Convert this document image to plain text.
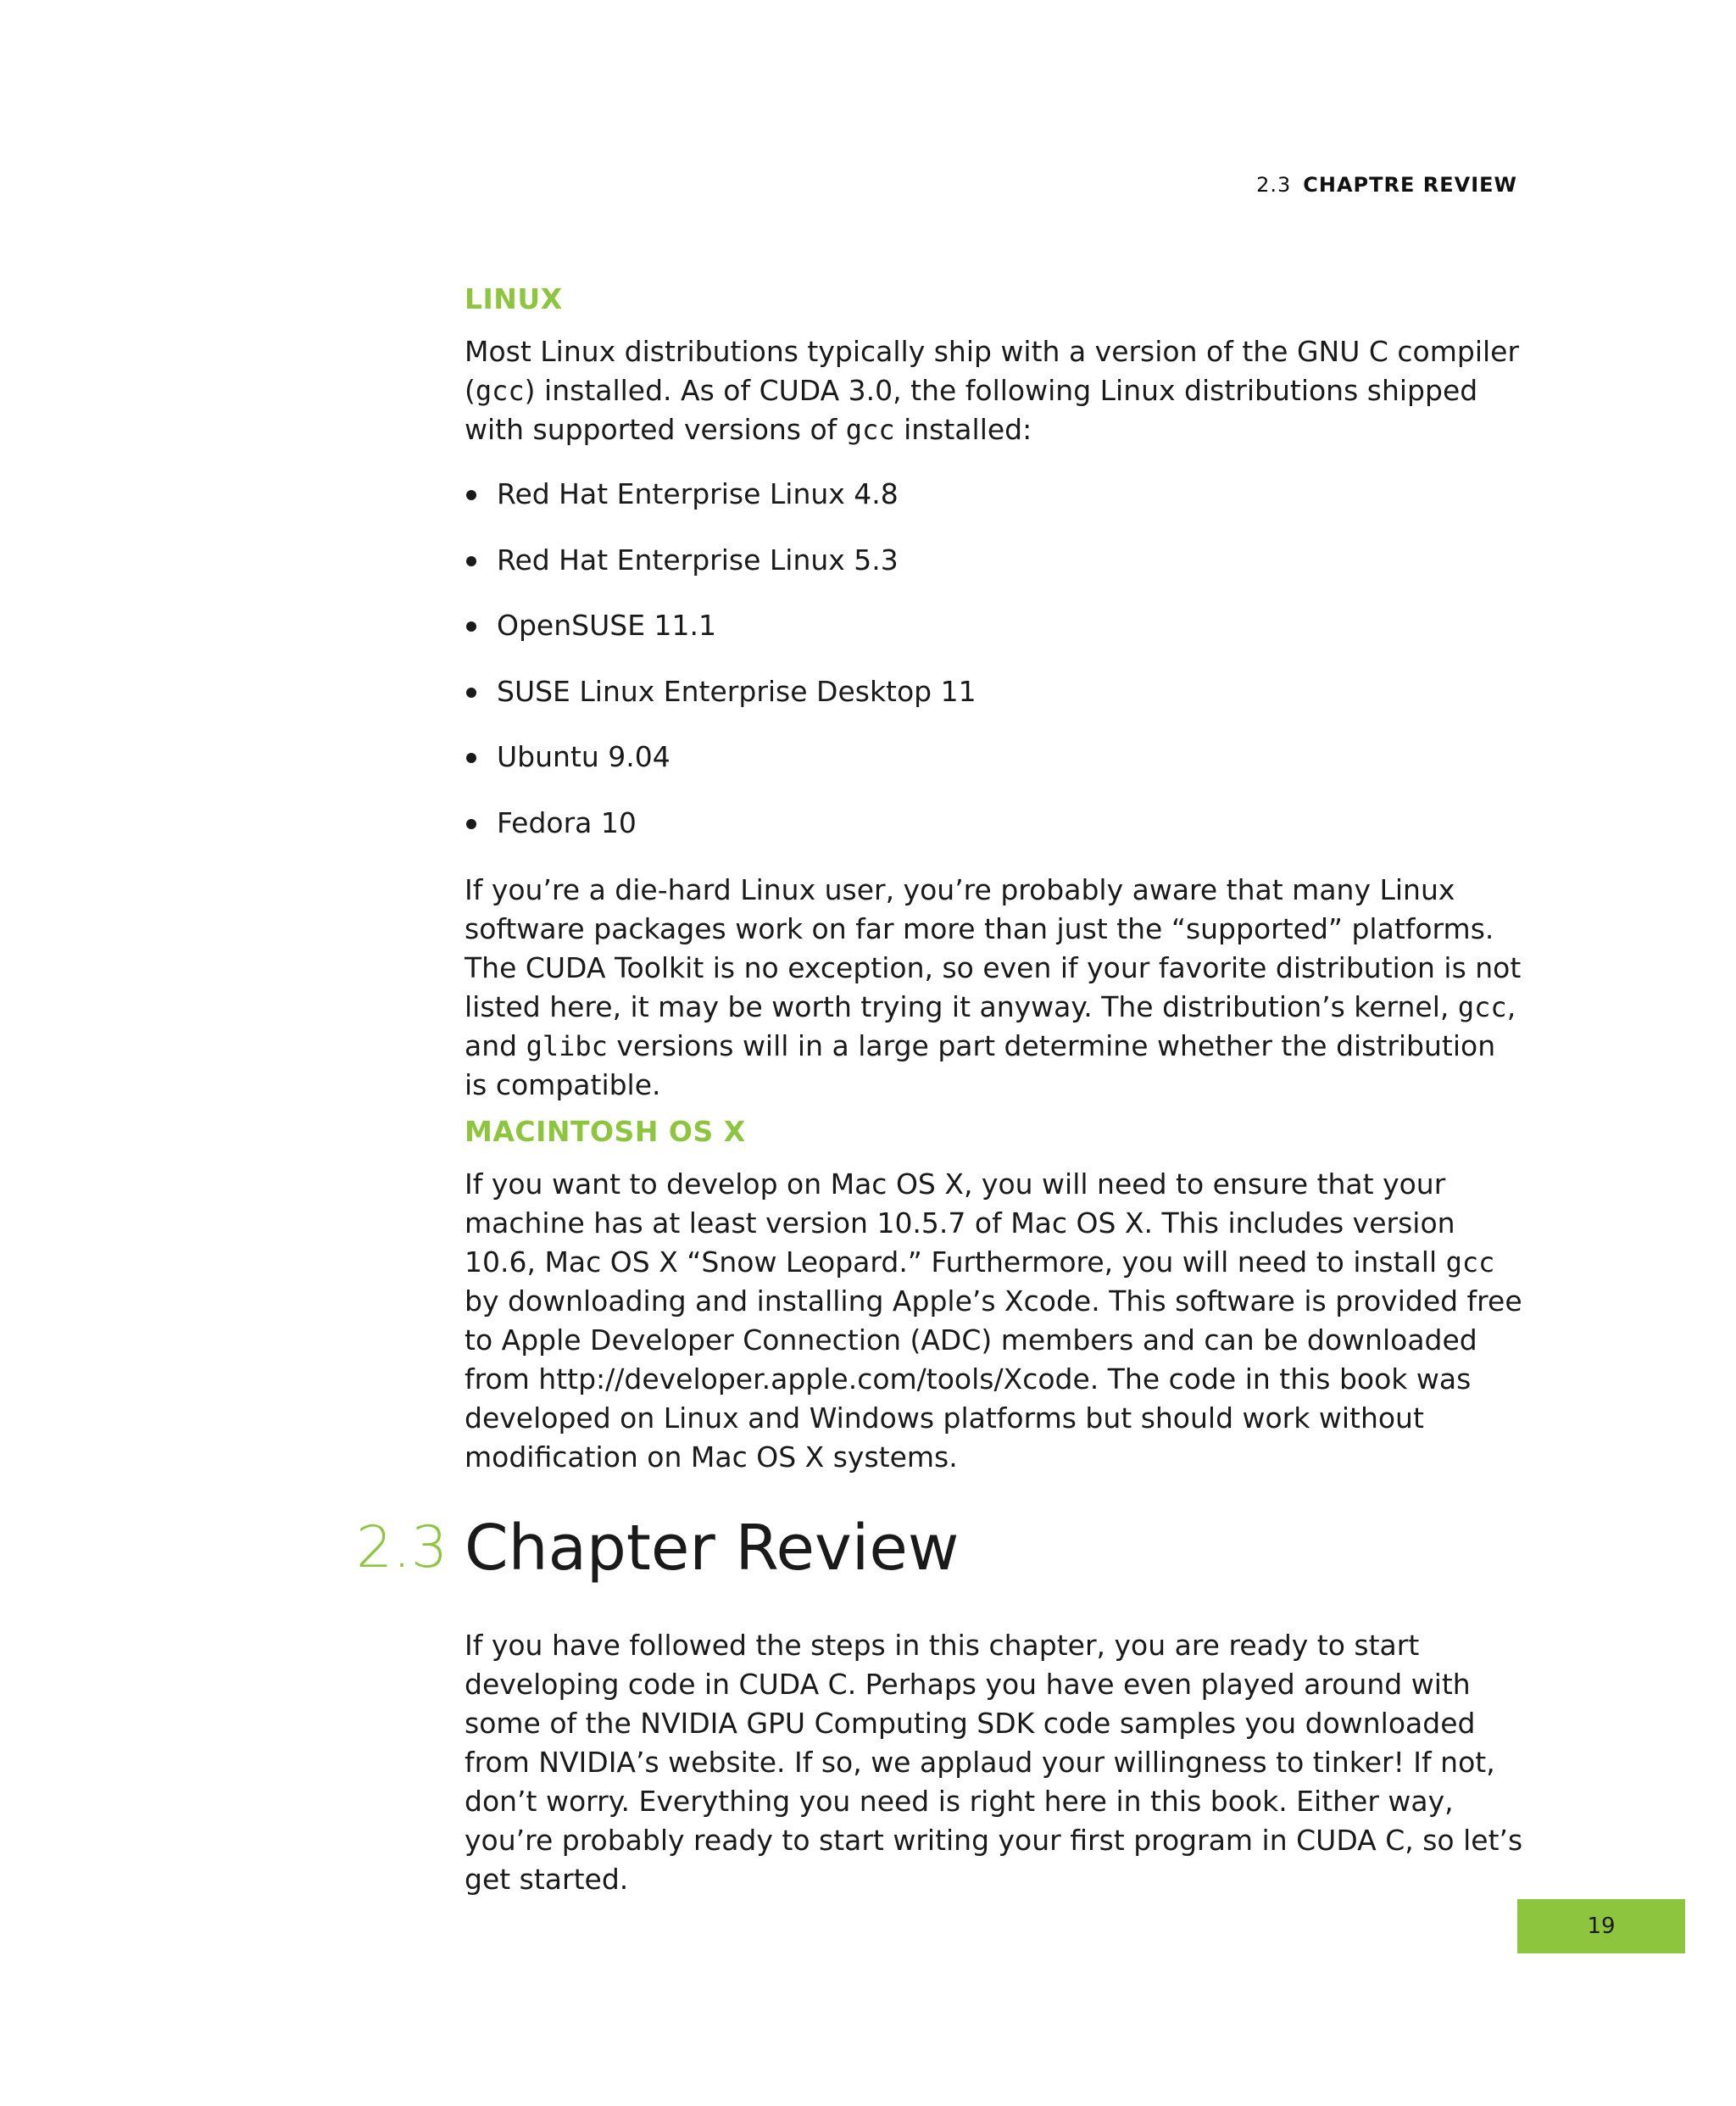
2.3 CHAPTRE REVIEW
LINUX

Most Linux distributions typically ship with a version of the GNU C compiler (gcc) installed. As of CUDA 3.0, the following Linux distributions shipped with supported versions of gcc installed:

Red Hat Enterprise Linux 4.8
Red Hat Enterprise Linux 5.3
OpenSUSE 11.1
SUSE Linux Enterprise Desktop 11
Ubuntu 9.04
Fedora 10

If you’re a die-hard Linux user, you’re probably aware that many Linux software packages work on far more than just the “supported” platforms. The CUDA Toolkit is no exception, so even if your favorite distribution is not listed here, it may be worth trying it anyway. The distribution’s kernel, gcc, and glibc versions will in a large part determine whether the distribution is compatible.

MACINTOSH OS X

If you want to develop on Mac OS X, you will need to ensure that your machine has at least version 10.5.7 of Mac OS X. This includes version 10.6, Mac OS X “Snow Leopard.” Furthermore, you will need to install gcc by downloading and installing Apple’s Xcode. This software is provided free to Apple Developer Connection (ADC) members and can be downloaded from http://developer.apple.com/tools/Xcode. The code in this book was developed on Linux and Windows platforms but should work without modification on Mac OS X systems.

2.3 Chapter Review

If you have followed the steps in this chapter, you are ready to start developing code in CUDA C. Perhaps you have even played around with some of the NVIDIA GPU Computing SDK code samples you downloaded from NVIDIA’s website. If so, we applaud your willingness to tinker! If not, don’t worry. Everything you need is right here in this book. Either way, you’re probably ready to start writing your first program in CUDA C, so let’s get started.

19
